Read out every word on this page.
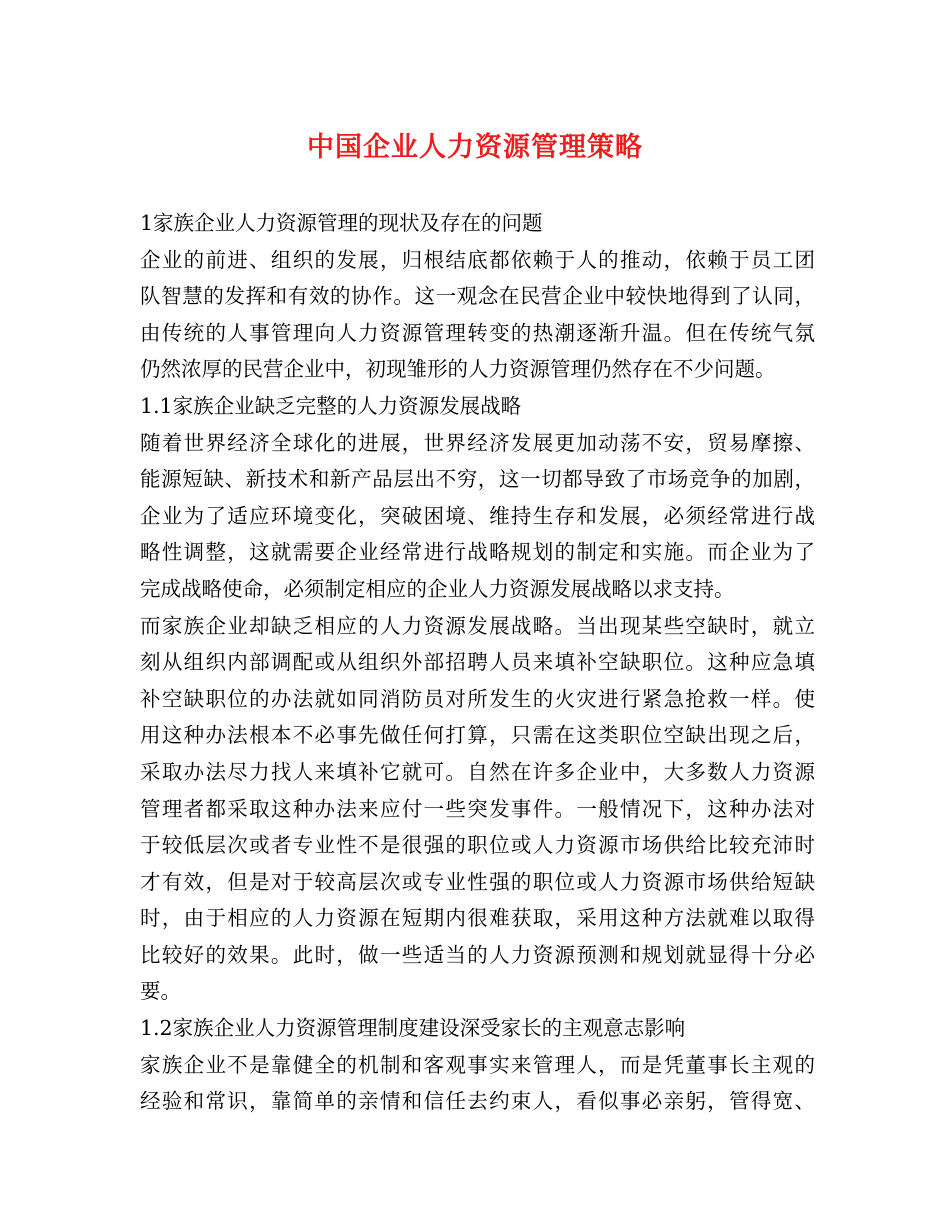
中国企业人力资源管理策略
1家族企业人力资源管理的现状及存在的问题
企业的前进、组织的发展，归根结底都依赖于人的推动，依赖于员工团
队智慧的发挥和有效的协作。这一观念在民营企业中较快地得到了认同，
由传统的人事管理向人力资源管理转变的热潮逐渐升温。但在传统气氛
仍然浓厚的民营企业中，初现雏形的人力资源管理仍然存在不少问题。
1.1家族企业缺乏完整的人力资源发展战略
随着世界经济全球化的进展，世界经济发展更加动荡不安，贸易摩擦、
能源短缺、新技术和新产品层出不穷，这一切都导致了市场竞争的加剧，
企业为了适应环境变化，突破困境、维持生存和发展，必须经常进行战
略性调整，这就需要企业经常进行战略规划的制定和实施。而企业为了
完成战略使命，必须制定相应的企业人力资源发展战略以求支持。
而家族企业却缺乏相应的人力资源发展战略。当出现某些空缺时，就立
刻从组织内部调配或从组织外部招聘人员来填补空缺职位。这种应急填
补空缺职位的办法就如同消防员对所发生的火灾进行紧急抢救一样。使
用这种办法根本不必事先做任何打算，只需在这类职位空缺出现之后，
采取办法尽力找人来填补它就可。自然在许多企业中，大多数人力资源
管理者都采取这种办法来应付一些突发事件。一般情况下，这种办法对
于较低层次或者专业性不是很强的职位或人力资源市场供给比较充沛时
才有效，但是对于较高层次或专业性强的职位或人力资源市场供给短缺
时，由于相应的人力资源在短期内很难获取，采用这种方法就难以取得
比较好的效果。此时，做一些适当的人力资源预测和规划就显得十分必
要。
1.2家族企业人力资源管理制度建设深受家长的主观意志影响
家族企业不是靠健全的机制和客观事实来管理人，而是凭董事长主观的
经验和常识，靠简单的亲情和信任去约束人，看似事必亲躬，管得宽、
